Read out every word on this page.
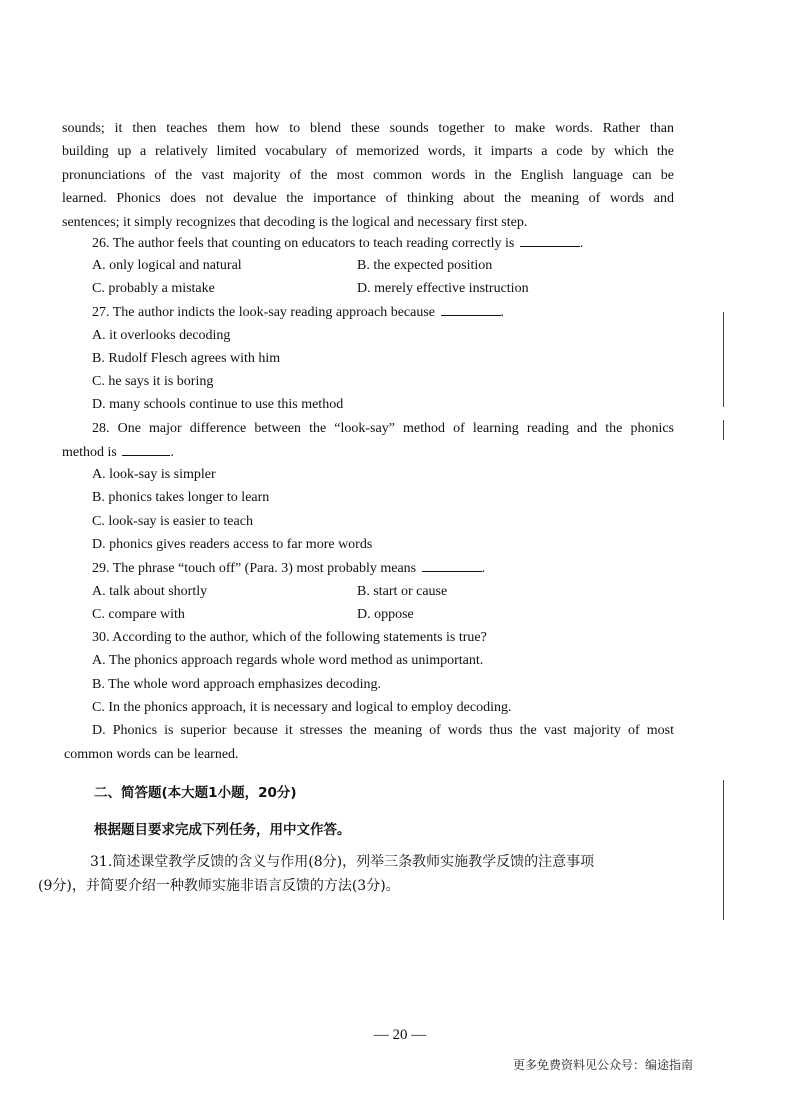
sounds; it then teaches them how to blend these sounds together to make words. Rather than
building up a relatively limited vocabulary of memorized words, it imparts a code by which the
pronunciations of the vast majority of the most common words in the English language can be
learned. Phonics does not devalue the importance of thinking about the meaning of words and
sentences; it simply recognizes that decoding is the logical and necessary first step.
26. The author feels that counting on educators to teach reading correctly is	.
A. only logical and natural	B. the expected position
C. probably a mistake	D. merely effective instruction
27. The author indicts the look-say reading approach because	.
A. it overlooks decoding
B. Rudolf Flesch agrees with him
C. he says it is boring
D. many schools continue to use this method
28. One major difference between the “look-say” method of learning reading and the phonics
method is	.
A. look-say is simpler
B. phonics takes longer to learn
C. look-say is easier to teach
D. phonics gives readers access to far more words
29. The phrase “touch off” (Para. 3) most probably means	.
A. talk about shortly	B. start or cause
C. compare with	D. oppose
30. According to the author, which of the following statements is true?
A. The phonics approach regards whole word method as unimportant.
B. The whole word approach emphasizes decoding.
C. In the phonics approach, it is necessary and logical to employ decoding.
D. Phonics is superior because it stresses the meaning of words thus the vast majority of most
common words can be learned.
二、简答题(本大题1小题，20分)
根据题目要求完成下列任务，用中文作答。
31.简述课堂教学反馈的含义与作用(8分)，列举三条教师实施教学反馈的注意事项
(9分)，并简要介绍一种教师实施非语言反馈的方法(3分)。
— 20 —
更多免费资料见公众号：编途指南
